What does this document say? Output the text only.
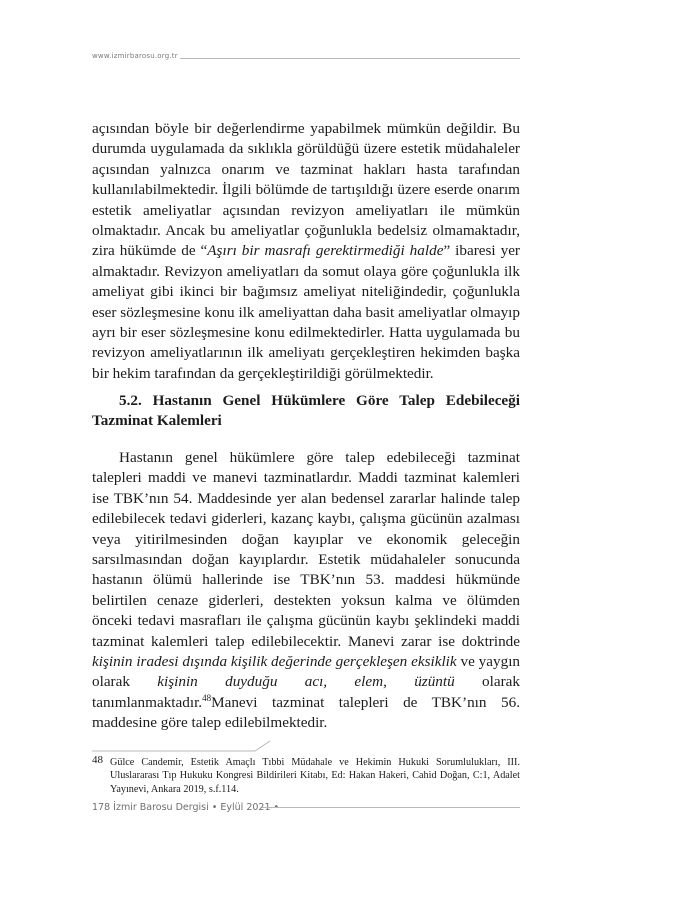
www.izmirbarosu.org.tr

açısından böyle bir değerlendirme yapabilmek mümkün değildir. Bu durumda uygulamada da sıklıkla görüldüğü üzere estetik müdahaleler açısından yalnızca onarım ve tazminat hakları hasta tarafından kullanılabilmektedir. İlgili bölümde de tartışıldığı üzere eserde onarım estetik ameliyatlar açısından revizyon ameliyatları ile mümkün olmaktadır. Ancak bu ameliyatlar çoğunlukla bedelsiz olmamaktadır, zira hükümde de “Aşırı bir masrafı gerektirmediği halde” ibaresi yer almaktadır. Revizyon ameliyatları da somut olaya göre çoğunlukla ilk ameliyat gibi ikinci bir bağımsız ameliyat niteliğindedir, çoğunlukla eser sözleşmesine konu ilk ameliyattan daha basit ameliyatlar olmayıp ayrı bir eser sözleşmesine konu edilmektedirler. Hatta uygulamada bu revizyon ameliyatlarının ilk ameliyatı gerçekleştiren hekimden başka bir hekim tarafından da gerçekleştirildiği görülmektedir.

5.2. Hastanın Genel Hükümlere Göre Talep Edebileceği Tazminat Kalemleri

Hastanın genel hükümlere göre talep edebileceği tazminat talepleri maddi ve manevi tazminatlardır. Maddi tazminat kalemleri ise TBK’nın 54. Maddesinde yer alan bedensel zararlar halinde talep edilebilecek tedavi giderleri, kazanç kaybı, çalışma gücünün azalması veya yitirilmesinden doğan kayıplar ve ekonomik geleceğin sarsılmasından doğan kayıplardır. Estetik müdahaleler sonucunda hastanın ölümü hallerinde ise TBK’nın 53. maddesi hükmünde belirtilen cenaze giderleri, destekten yoksun kalma ve ölümden önceki tedavi masrafları ile çalışma gücünün kaybı şeklindeki maddi tazminat kalemleri talep edilebilecektir. Manevi zarar ise doktrinde kişinin iradesi dışında kişilik değerinde gerçekleşen eksiklik ve yaygın olarak kişinin duyduğu acı, elem, üzüntü olarak tanımlanmaktadır.$^{48}$Manevi tazminat talepleri de TBK’nın 56. maddesine göre talep edilebilmektedir.

48 Gülce Candemir, Estetik Amaçlı Tıbbi Müdahale ve Hekimin Hukuki Sorumlulukları, III. Uluslararası Tıp Hukuku Kongresi Bildirileri Kitabı, Ed: Hakan Hakeri, Cahid Doğan, C:1, Adalet Yayınevi, Ankara 2019, s.f.114.
178 İzmir Barosu Dergisi • Eylül 2021 •
